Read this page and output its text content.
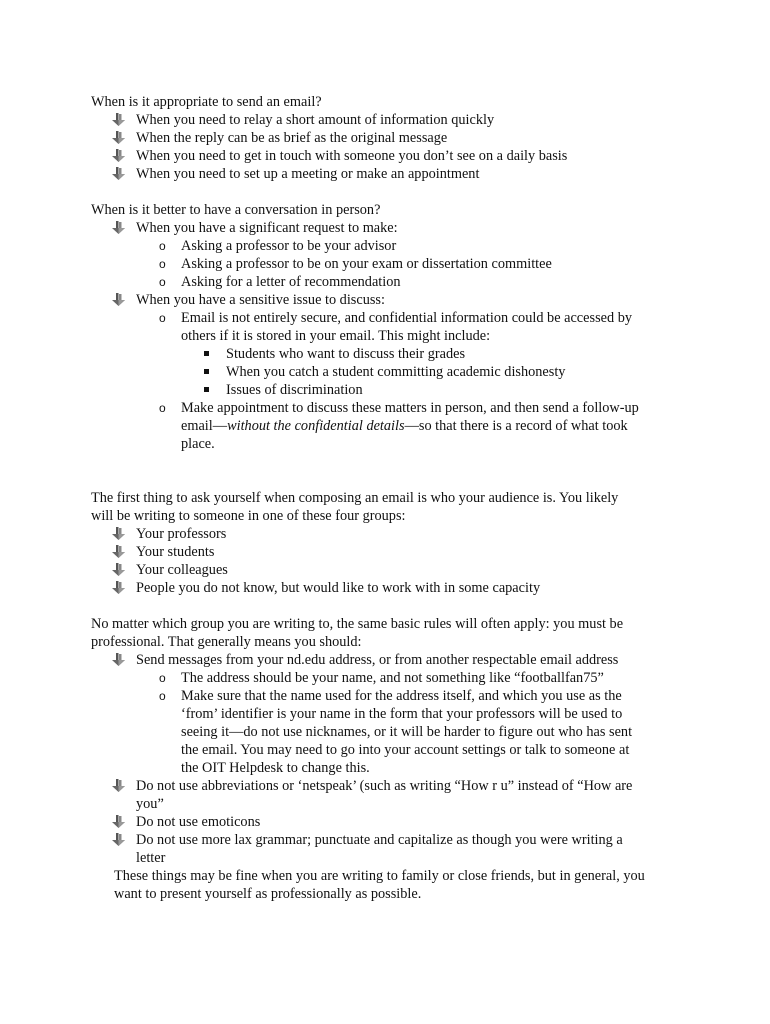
When is it appropriate to send an email?

When you need to relay a short amount of information quickly
When the reply can be as brief as the original message
When you need to get in touch with someone you don’t see on a daily basis
When you need to set up a meeting or make an appointment

When is it better to have a conversation in person?

When you have a significant request to make:
o Asking a professor to be your advisor
o Asking a professor to be on your exam or dissertation committee
o Asking for a letter of recommendation
When you have a sensitive issue to discuss:
o Email is not entirely secure, and confidential information could be accessed by
others if it is stored in your email. This might include:
Students who want to discuss their grades
When you catch a student committing academic dishonesty
Issues of discrimination
o Make appointment to discuss these matters in person, and then send a follow-up
email—without the confidential details—so that there is a record of what took
place.

The first thing to ask yourself when composing an email is who your audience is. You likely
will be writing to someone in one of these four groups:

Your professors
Your students
Your colleagues
People you do not know, but would like to work with in some capacity

No matter which group you are writing to, the same basic rules will often apply: you must be
professional. That generally means you should:

Send messages from your nd.edu address, or from another respectable email address
o The address should be your name, and not something like “footballfan75”
o Make sure that the name used for the address itself, and which you use as the
‘from’ identifier is your name in the form that your professors will be used to
seeing it—do not use nicknames, or it will be harder to figure out who has sent
the email. You may need to go into your account settings or talk to someone at
the OIT Helpdesk to change this.
Do not use abbreviations or ‘netspeak’ (such as writing “How r u” instead of “How are
you”
Do not use emoticons
Do not use more lax grammar; punctuate and capitalize as though you were writing a
letter

These things may be fine when you are writing to family or close friends, but in general, you
want to present yourself as professionally as possible.
